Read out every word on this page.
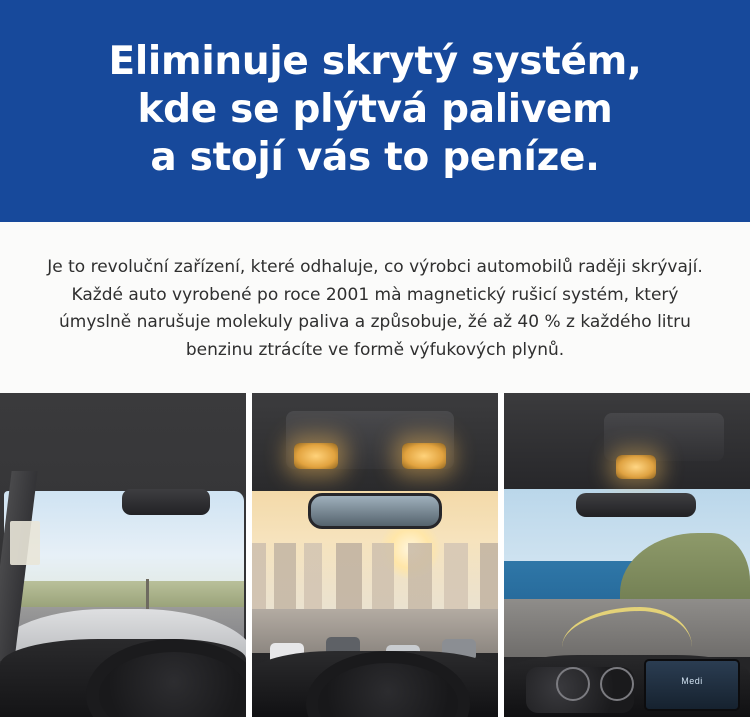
Eliminuje skrytý systém,
kde se plýtvá palivem
a stojí vás to peníze.

Je to revoluční zařízení, které odhaluje, co výrobci automobilů raději skrývají. Každé auto vyrobené po roce 2001 mà magnetický rušicí systém, který úmyslně narušuje molekuly paliva a způsobuje, žé až 40 % z každého litru benzinu ztrácíte ve formě výfukových plynů.

Medi
